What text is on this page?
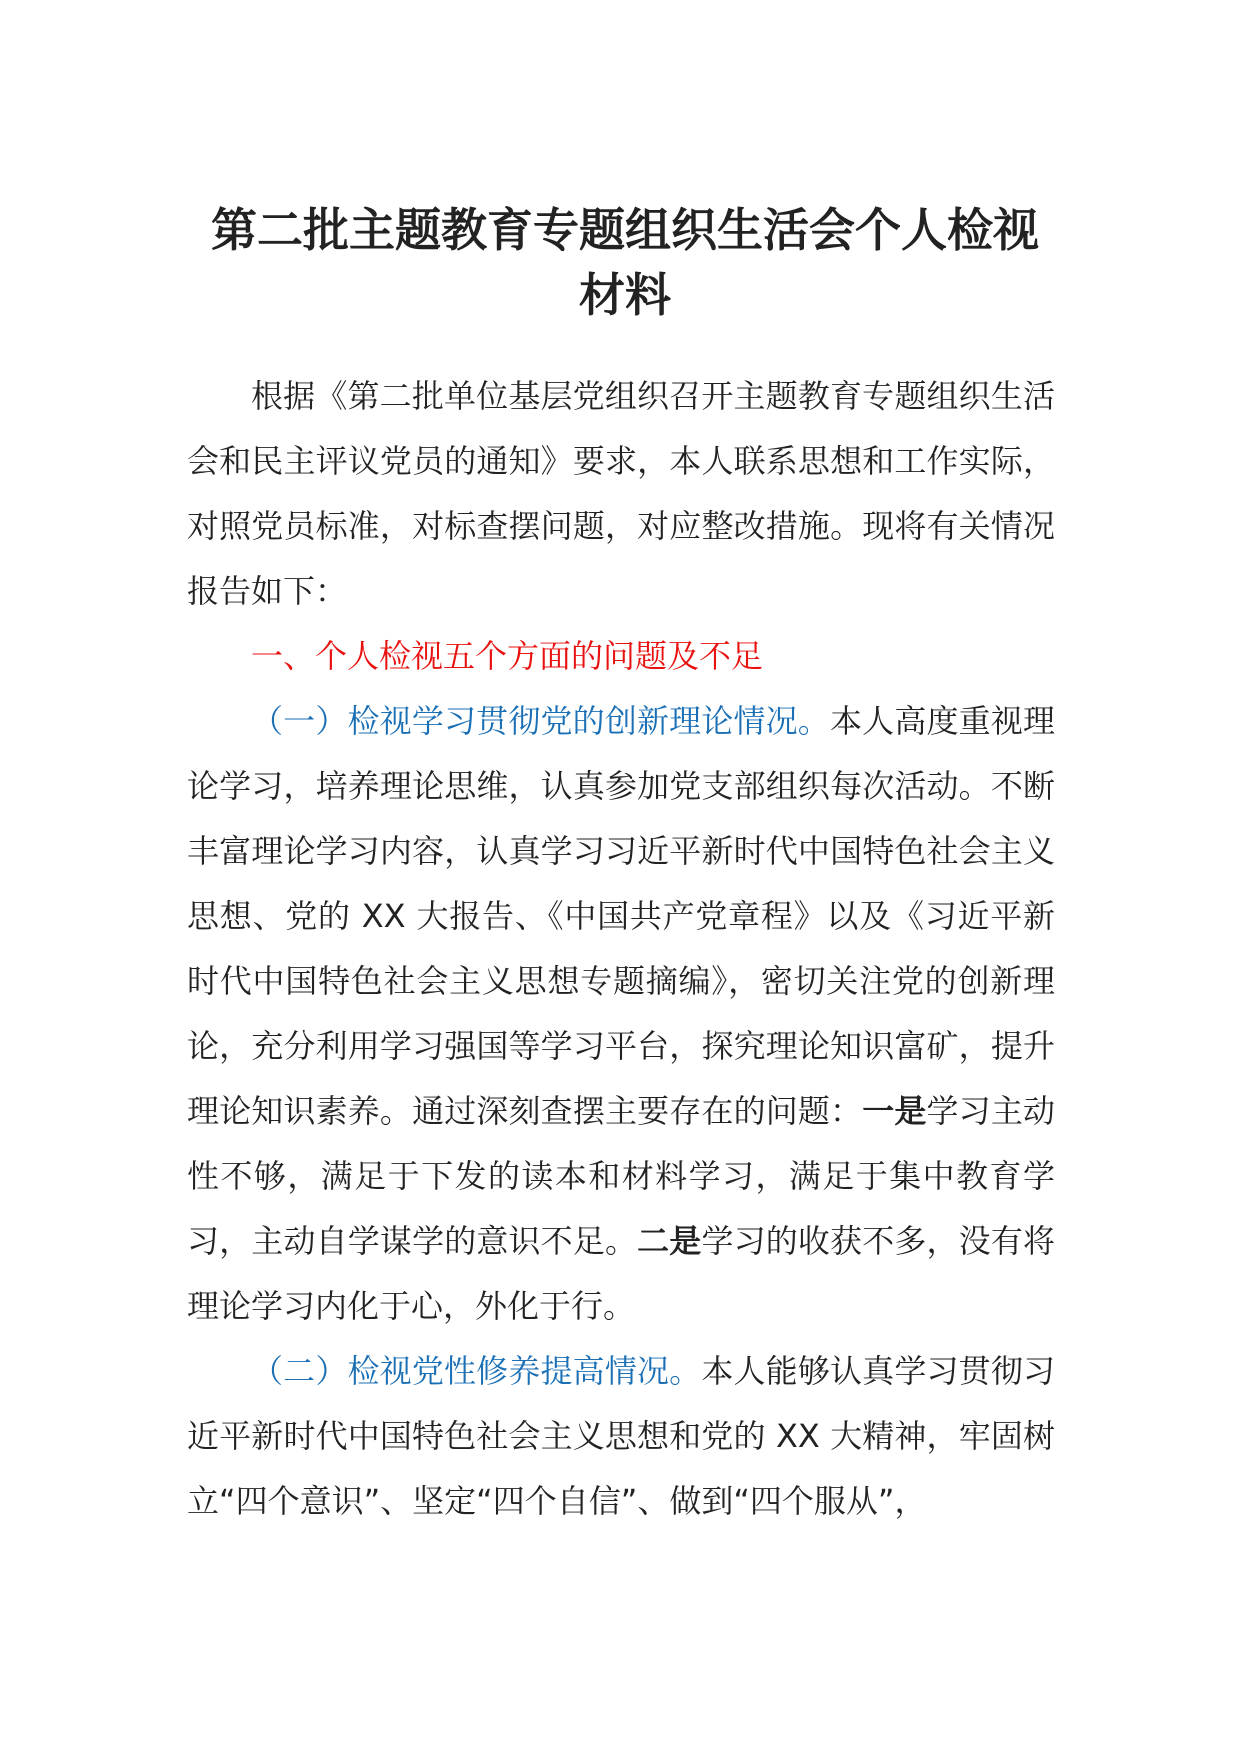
第二批主题教育专题组织生活会个人检视材料

根据《第二批单位基层党组织召开主题教育专题组织生活会和民主评议党员的通知》要求，本人联系思想和工作实际，对照党员标准，对标查摆问题，对应整改措施。现将有关情况报告如下：

一、个人检视五个方面的问题及不足

（一）检视学习贯彻党的创新理论情况。本人高度重视理论学习，培养理论思维，认真参加党支部组织每次活动。不断丰富理论学习内容，认真学习习近平新时代中国特色社会主义思想、党的 XX 大报告、《中国共产党章程》以及《习近平新时代中国特色社会主义思想专题摘编》，密切关注党的创新理论，充分利用学习强国等学习平台，探究理论知识富矿，提升理论知识素养。通过深刻查摆主要存在的问题：一是学习主动性不够，满足于下发的读本和材料学习，满足于集中教育学习，主动自学谋学的意识不足。二是学习的收获不多，没有将理论学习内化于心，外化于行。

（二）检视党性修养提高情况。本人能够认真学习贯彻习近平新时代中国特色社会主义思想和党的 XX 大精神，牢固树立“四个意识”、坚定“四个自信”、做到“四个服从”，
